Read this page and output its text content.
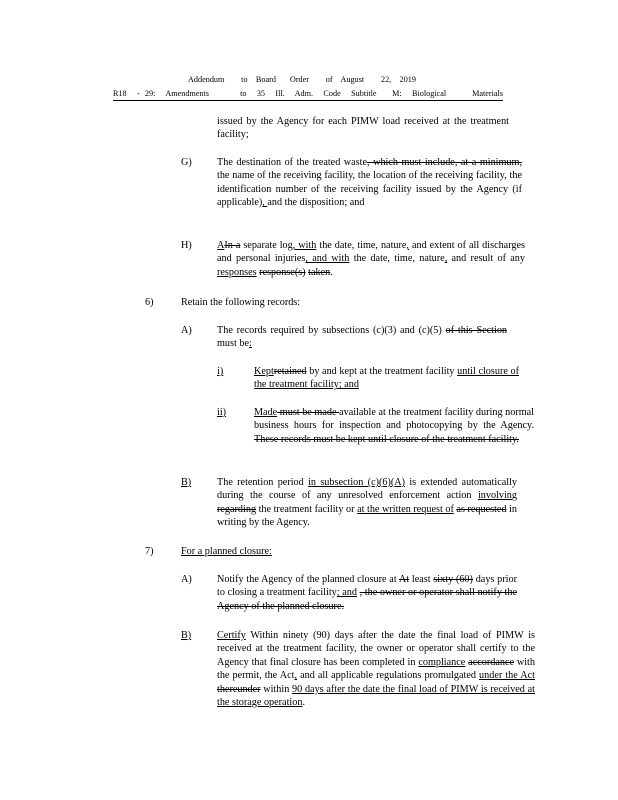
Addendum      to   Board     Order      of   August      22,   2019
R18  - 29:  Amendments      to  35  Ill.  Adm.  Code  Subtitle   M:  Biological     Materials
issued by the Agency for each PIMW load received at the treatment facility;
G) The destination of the treated waste, which must include, at a minimum, the name of the receiving facility, the location of the receiving facility, the identification number of the receiving facility issued by the Agency (if applicable), and the disposition; and
H) AIn a separate log, with the date, time, nature, and extent of all discharges and personal injuries, and with the date, time, nature, and result of any responses response(s) taken.
6)	Retain the following records:
A) The records required by subsections (c)(3) and (c)(5) of this Section must be:
i)	Keptretained by and kept at the treatment facility until closure of the treatment facility; and
ii)	Made must be made available at the treatment facility during normal business hours for inspection and photocopying by the Agency. These records must be kept until closure of the treatment facility.
B)	The retention period in subsection (c)(6)(A) is extended automatically during the course of any unresolved enforcement action involving regarding the treatment facility or at the written request of as requested in writing by the Agency.
7)	For a planned closure:
A) Notify the Agency of the planned closure at At least sixty (60) days prior to closing a treatment facility; and , the owner or operator shall notify the Agency of the planned closure.
B)	Certify Within ninety (90) days after the date the final load of PIMW is received at the treatment facility, the owner or operator shall certify to the Agency that final closure has been completed in compliance accordance with the permit, the Act, and all applicable regulations promulgated under the Act thereunder within 90 days after the date the final load of PIMW is received at the storage operation.
